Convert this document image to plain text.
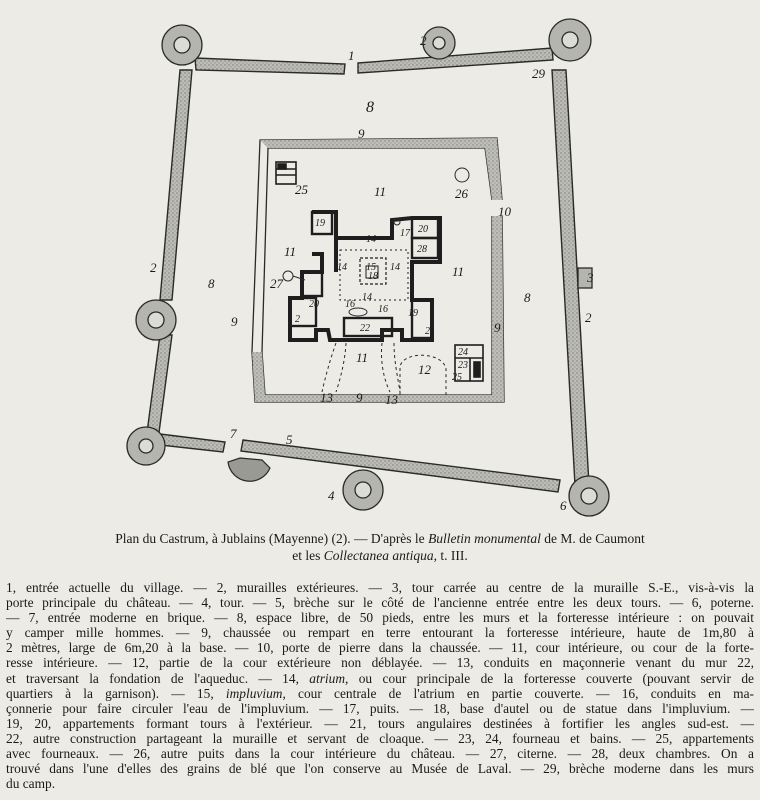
1
2
29
8
9
25	11	26
10
19
20
28
17
14
14	14
15
18
14
16 16
22
11
11
27
20
2
19
21
24
23
25
11
12
8
8
2
2
3
9	9
13 9 13
7	5
4
6
Plan du Castrum, à Jublains (Mayenne) (2). — D'après le Bulletin monumental de M. de Caumont
et les Collectanea antiqua, t. III.
1, entrée actuelle du village. — 2, murailles extérieures. — 3, tour carrée au centre de la muraille S.-E., vis-à-vis la
porte principale du château. — 4, tour. — 5, brèche sur le côté de l'ancienne entrée entre les deux tours. — 6, poterne.
— 7, entrée moderne en brique. — 8, espace libre, de 50 pieds, entre les murs et la forteresse intérieure : on pouvait
y camper mille hommes. — 9, chaussée ou rempart en terre entourant la forteresse intérieure, haute de 1m,80 à
2 mètres, large de 6m,20 à la base. — 10, porte de pierre dans la chaussée. — 11, cour intérieure, ou cour de la forte-
resse intérieure. — 12, partie de la cour extérieure non déblayée. — 13, conduits en maçonnerie venant du mur 22,
et traversant la fondation de l'aqueduc. — 14, atrium, ou cour principale de la forteresse couverte (pouvant servir de
quartiers à la garnison). — 15, impluvium, cour centrale de l'atrium en partie couverte. — 16, conduits en ma-
çonnerie pour faire circuler l'eau de l'impluvium. — 17, puits. — 18, base d'autel ou de statue dans l'impluvium. —
19, 20, appartements formant tours à l'extérieur. — 21, tours angulaires destinées à fortifier les angles sud-est. —
22, autre construction partageant la muraille et servant de cloaque. — 23, 24, fourneau et bains. — 25, appartements
avec fourneaux. — 26, autre puits dans la cour intérieure du château. — 27, citerne. — 28, deux chambres. On a
trouvé dans l'une d'elles des grains de blé que l'on conserve au Musée de Laval. — 29, brèche moderne dans les murs
du camp.
